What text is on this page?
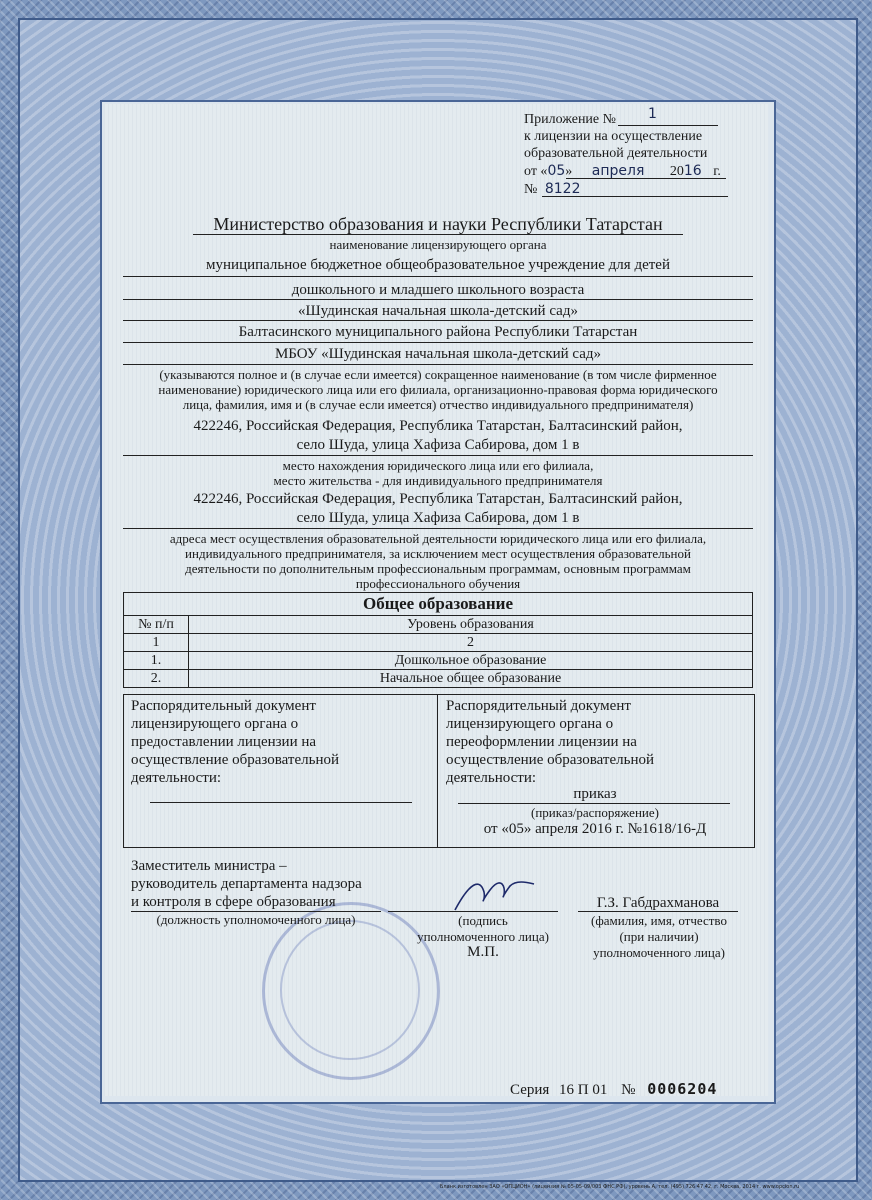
Приложение № 1
к лицензии на осуществление
образовательной деятельности
от «05» апреля 2016 г.
№ 8122
Министерство образования и науки Республики Татарстан
наименование лицензирующего органа
муниципальное бюджетное общеобразовательное учреждение для детей
дошкольного и младшего школьного возраста
«Шудинская начальная школа-детский сад»
Балтасинского муниципального района Республики Татарстан
МБОУ «Шудинская начальная школа-детский сад»
(указываются полное и (в случае если имеется) сокращенное наименование (в том числе фирменное
наименование) юридического лица или его филиала, организационно-правовая форма юридического
лица, фамилия, имя и (в случае если имеется) отчество индивидуального предпринимателя)
422246, Российская Федерация, Республика Татарстан, Балтасинский район,
село Шуда, улица Хафиза Сабирова, дом 1 в
место нахождения юридического лица или его филиала,
место жительства - для индивидуального предпринимателя
422246, Российская Федерация, Республика Татарстан, Балтасинский район,
село Шуда, улица Хафиза Сабирова, дом 1 в
адреса мест осуществления образовательной деятельности юридического лица или его филиала,
индивидуального предпринимателя, за исключением мест осуществления образовательной
деятельности по дополнительным профессиональным программам, основным программам
профессионального обучения
Общее образование	
№ п/п	Уровень образования
1	2
1.	Дошкольное образование
2.	Начальное общее образование
Распорядительный документ
лицензирующего органа о
предоставлении лицензии на
осуществление образовательной
деятельности:
Распорядительный документ
лицензирующего органа о
переоформлении лицензии на
осуществление образовательной
деятельности:
приказ
(приказ/распоряжение)
от «05» апреля 2016 г. №1618/16-Д
Заместитель министра –
руководитель департамента надзора
и контроля в сфере образования
(должность уполномоченного лица)	(подпись
уполномоченного лица)
М.П.
Г.З. Габдрахманова
(фамилия, имя, отчество
(при наличии)
уполномоченного лица)
Серия 16 П 01 № 0006204
Бланк изготовлен ЗАО «ОПЦИОН» (лицензия № 05-05-09/003 ФНС РФ), уровень А, тел. (495) 726 47 42, г. Москва, 2014 г. www.opcion.ru
